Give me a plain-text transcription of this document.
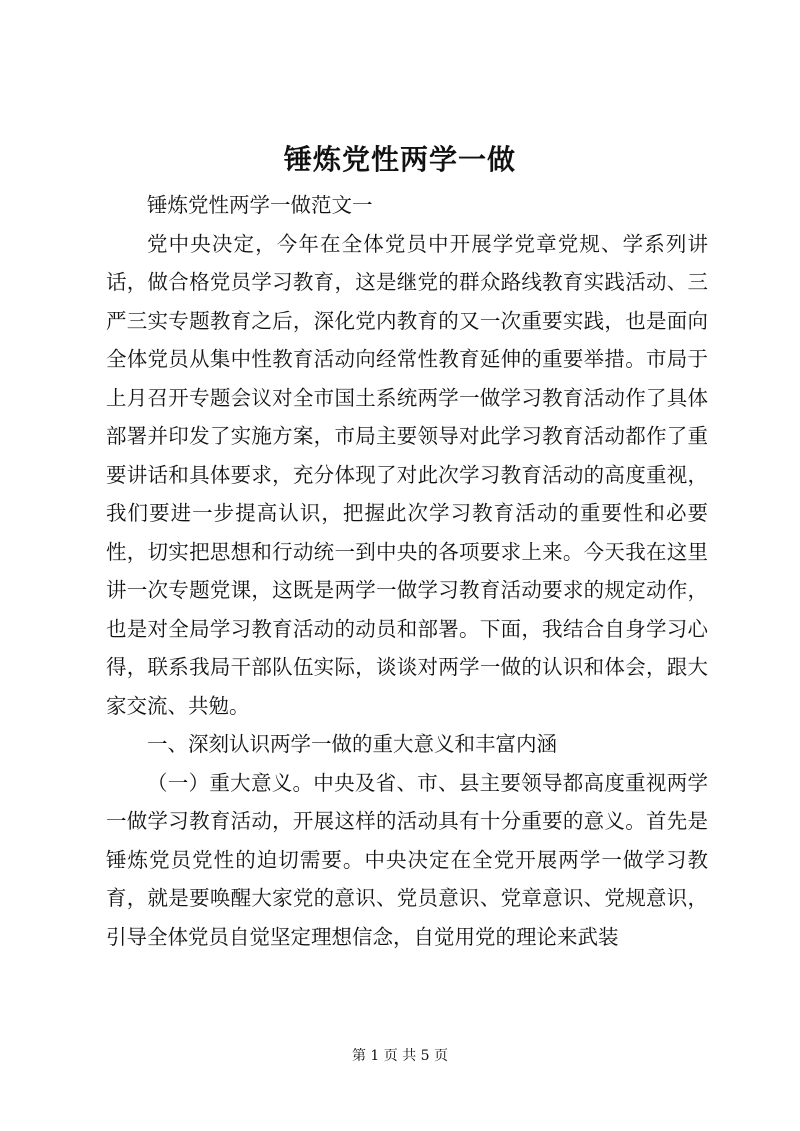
锤炼党性两学一做

锤炼党性两学一做范文一

党中央决定，今年在全体党员中开展学党章党规、学系列讲话，做合格党员学习教育，这是继党的群众路线教育实践活动、三严三实专题教育之后，深化党内教育的又一次重要实践，也是面向全体党员从集中性教育活动向经常性教育延伸的重要举措。市局于上月召开专题会议对全市国土系统两学一做学习教育活动作了具体部署并印发了实施方案，市局主要领导对此学习教育活动都作了重要讲话和具体要求，充分体现了对此次学习教育活动的高度重视，我们要进一步提高认识，把握此次学习教育活动的重要性和必要性，切实把思想和行动统一到中央的各项要求上来。今天我在这里讲一次专题党课，这既是两学一做学习教育活动要求的规定动作，也是对全局学习教育活动的动员和部署。下面，我结合自身学习心得，联系我局干部队伍实际，谈谈对两学一做的认识和体会，跟大家交流、共勉。

一、深刻认识两学一做的重大意义和丰富内涵

（一）重大意义。中央及省、市、县主要领导都高度重视两学一做学习教育活动，开展这样的活动具有十分重要的意义。首先是锤炼党员党性的迫切需要。中央决定在全党开展两学一做学习教育，就是要唤醒大家党的意识、党员意识、党章意识、党规意识，引导全体党员自觉坚定理想信念，自觉用党的理论来武装

第 1 页 共 5 页
